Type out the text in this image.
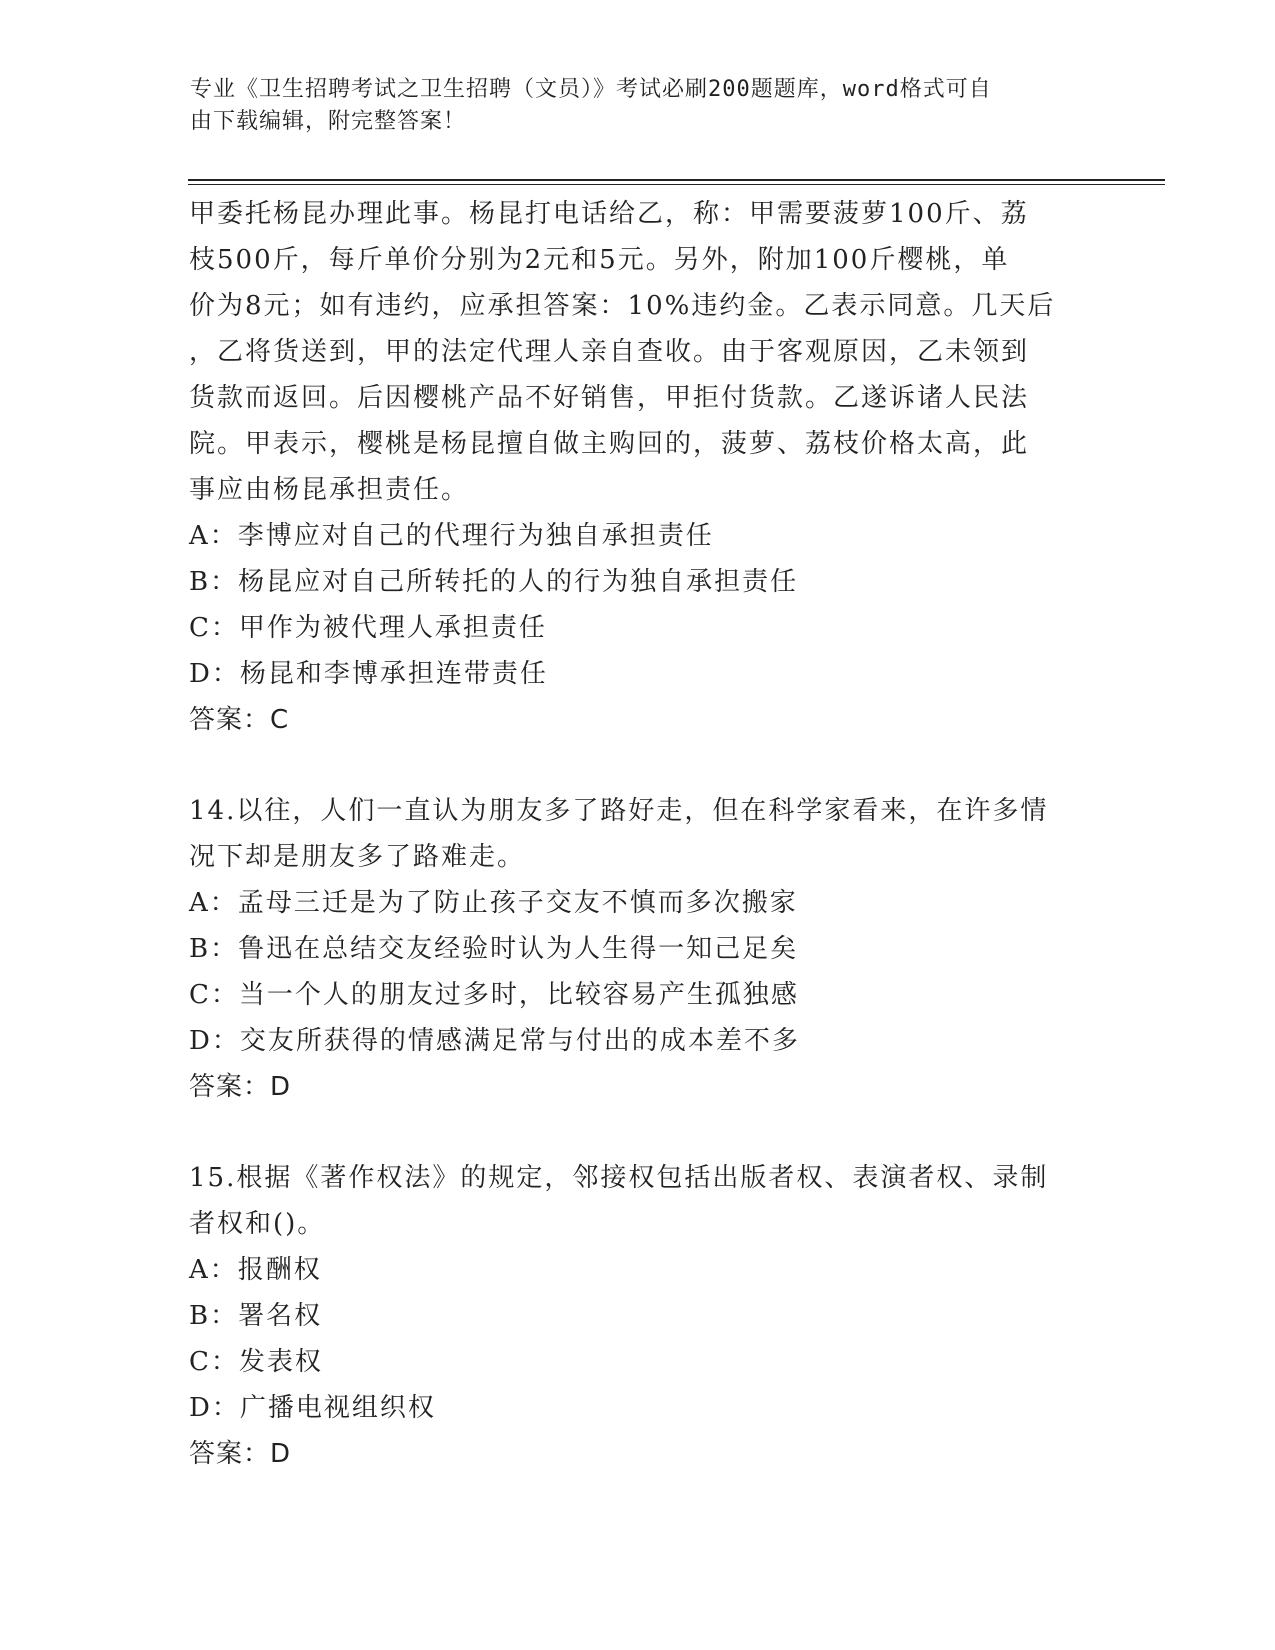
专业《卫生招聘考试之卫生招聘（文员）》考试必刷200题题库，word格式可自
由下载编辑，附完整答案！

甲委托杨昆办理此事。杨昆打电话给乙，称：甲需要菠萝100斤、荔

枝500斤，每斤单价分别为2元和5元。另外，附加100斤樱桃，单

价为8元；如有违约，应承担答案：10%违约金。乙表示同意。几天后

，乙将货送到，甲的法定代理人亲自查收。由于客观原因，乙未领到

货款而返回。后因樱桃产品不好销售，甲拒付货款。乙遂诉诸人民法

院。甲表示，樱桃是杨昆擅自做主购回的，菠萝、荔枝价格太高，此

事应由杨昆承担责任。

A：李博应对自己的代理行为独自承担责任

B：杨昆应对自己所转托的人的行为独自承担责任

C：甲作为被代理人承担责任

D：杨昆和李博承担连带责任

答案：C

14.以往，人们一直认为朋友多了路好走，但在科学家看来，在许多情

况下却是朋友多了路难走。

A：孟母三迁是为了防止孩子交友不慎而多次搬家

B：鲁迅在总结交友经验时认为人生得一知己足矣

C：当一个人的朋友过多时，比较容易产生孤独感

D：交友所获得的情感满足常与付出的成本差不多

答案：D

15.根据《著作权法》的规定，邻接权包括出版者权、表演者权、录制

者权和()。

A：报酬权

B：署名权

C：发表权

D：广播电视组织权

答案：D
